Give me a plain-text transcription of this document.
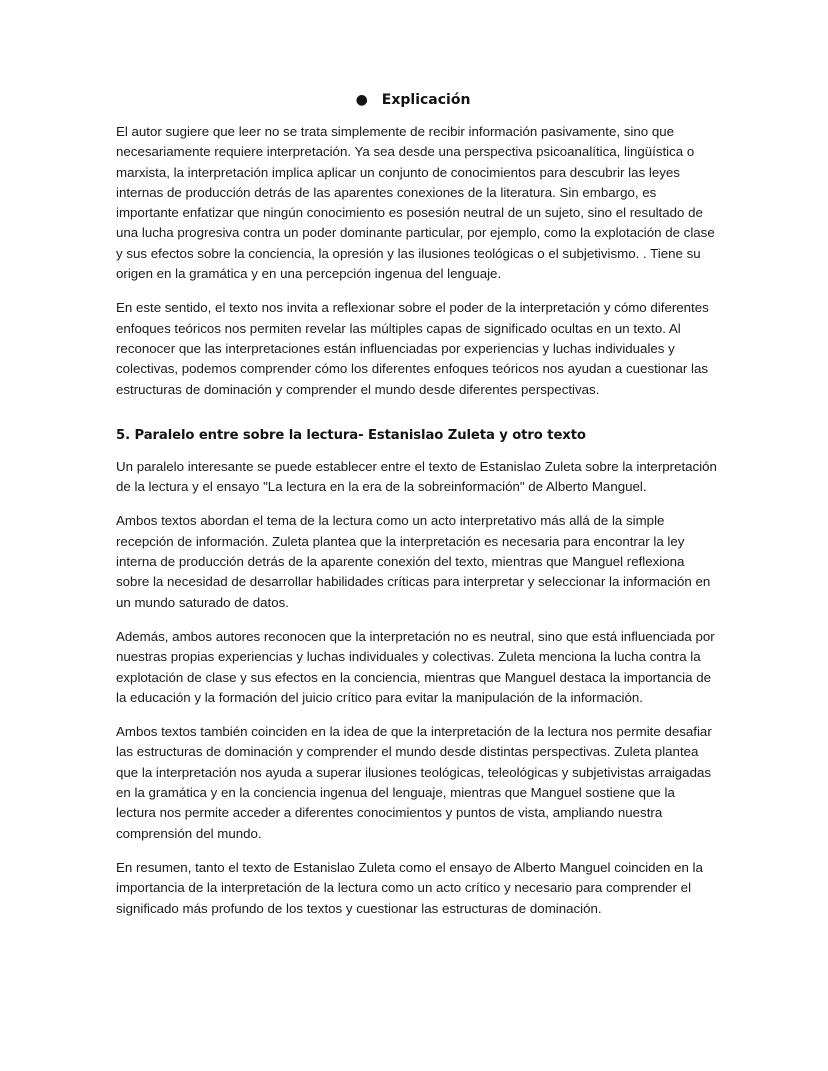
● Explicación

El autor sugiere que leer no se trata simplemente de recibir información pasivamente, sino que necesariamente requiere interpretación. Ya sea desde una perspectiva psicoanalítica, lingüística o marxista, la interpretación implica aplicar un conjunto de conocimientos para descubrir las leyes internas de producción detrás de las aparentes conexiones de la literatura. Sin embargo, es importante enfatizar que ningún conocimiento es posesión neutral de un sujeto, sino el resultado de una lucha progresiva contra un poder dominante particular, por ejemplo, como la explotación de clase y sus efectos sobre la conciencia, la opresión y las ilusiones teológicas o el subjetivismo. . Tiene su origen en la gramática y en una percepción ingenua del lenguaje.

En este sentido, el texto nos invita a reflexionar sobre el poder de la interpretación y cómo diferentes enfoques teóricos nos permiten revelar las múltiples capas de significado ocultas en un texto. Al reconocer que las interpretaciones están influenciadas por experiencias y luchas individuales y colectivas, podemos comprender cómo los diferentes enfoques teóricos nos ayudan a cuestionar las estructuras de dominación y comprender el mundo desde diferentes perspectivas.

5. Paralelo entre sobre la lectura- Estanislao Zuleta y otro texto

Un paralelo interesante se puede establecer entre el texto de Estanislao Zuleta sobre la interpretación de la lectura y el ensayo "La lectura en la era de la sobreinformación" de Alberto Manguel.

Ambos textos abordan el tema de la lectura como un acto interpretativo más allá de la simple recepción de información. Zuleta plantea que la interpretación es necesaria para encontrar la ley interna de producción detrás de la aparente conexión del texto, mientras que Manguel reflexiona sobre la necesidad de desarrollar habilidades críticas para interpretar y seleccionar la información en un mundo saturado de datos.

Además, ambos autores reconocen que la interpretación no es neutral, sino que está influenciada por nuestras propias experiencias y luchas individuales y colectivas. Zuleta menciona la lucha contra la explotación de clase y sus efectos en la conciencia, mientras que Manguel destaca la importancia de la educación y la formación del juicio crítico para evitar la manipulación de la información.

Ambos textos también coinciden en la idea de que la interpretación de la lectura nos permite desafiar las estructuras de dominación y comprender el mundo desde distintas perspectivas. Zuleta plantea que la interpretación nos ayuda a superar ilusiones teológicas, teleológicas y subjetivistas arraigadas en la gramática y en la conciencia ingenua del lenguaje, mientras que Manguel sostiene que la lectura nos permite acceder a diferentes conocimientos y puntos de vista, ampliando nuestra comprensión del mundo.

En resumen, tanto el texto de Estanislao Zuleta como el ensayo de Alberto Manguel coinciden en la importancia de la interpretación de la lectura como un acto crítico y necesario para comprender el significado más profundo de los textos y cuestionar las estructuras de dominación.
